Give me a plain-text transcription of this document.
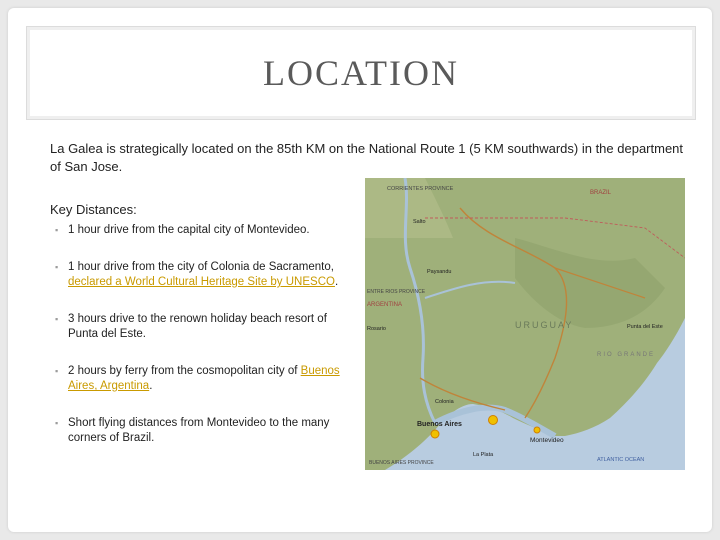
LOCATION
La Galea is strategically located on the 85th KM on the National Route 1 (5 KM southwards) in the department of San Jose.
Key Distances:
▪ 1 hour drive from the capital city of Montevideo.
▪ 1 hour drive from the city of Colonia de Sacramento, declared a World Cultural Heritage Site by UNESCO.
▪ 3 hours drive to the renown holiday beach resort of Punta del Este.
▪ 2 hours by ferry from the cosmopolitan city of Buenos Aires, Argentina.
▪ Short flying distances from Montevideo to the many corners of Brazil.
CORRIENTES PROVINCE
BRAZIL
RIO GRANDE
ENTRE RIOS PROVINCE
ARGENTINA
URUGUAY
Buenos Aires
Montevideo
ATLANTIC OCEAN
La Plata
BUENOS AIRES PROVINCE
Colonia
Paysandu
Rosario
Salto
Punta del Este
